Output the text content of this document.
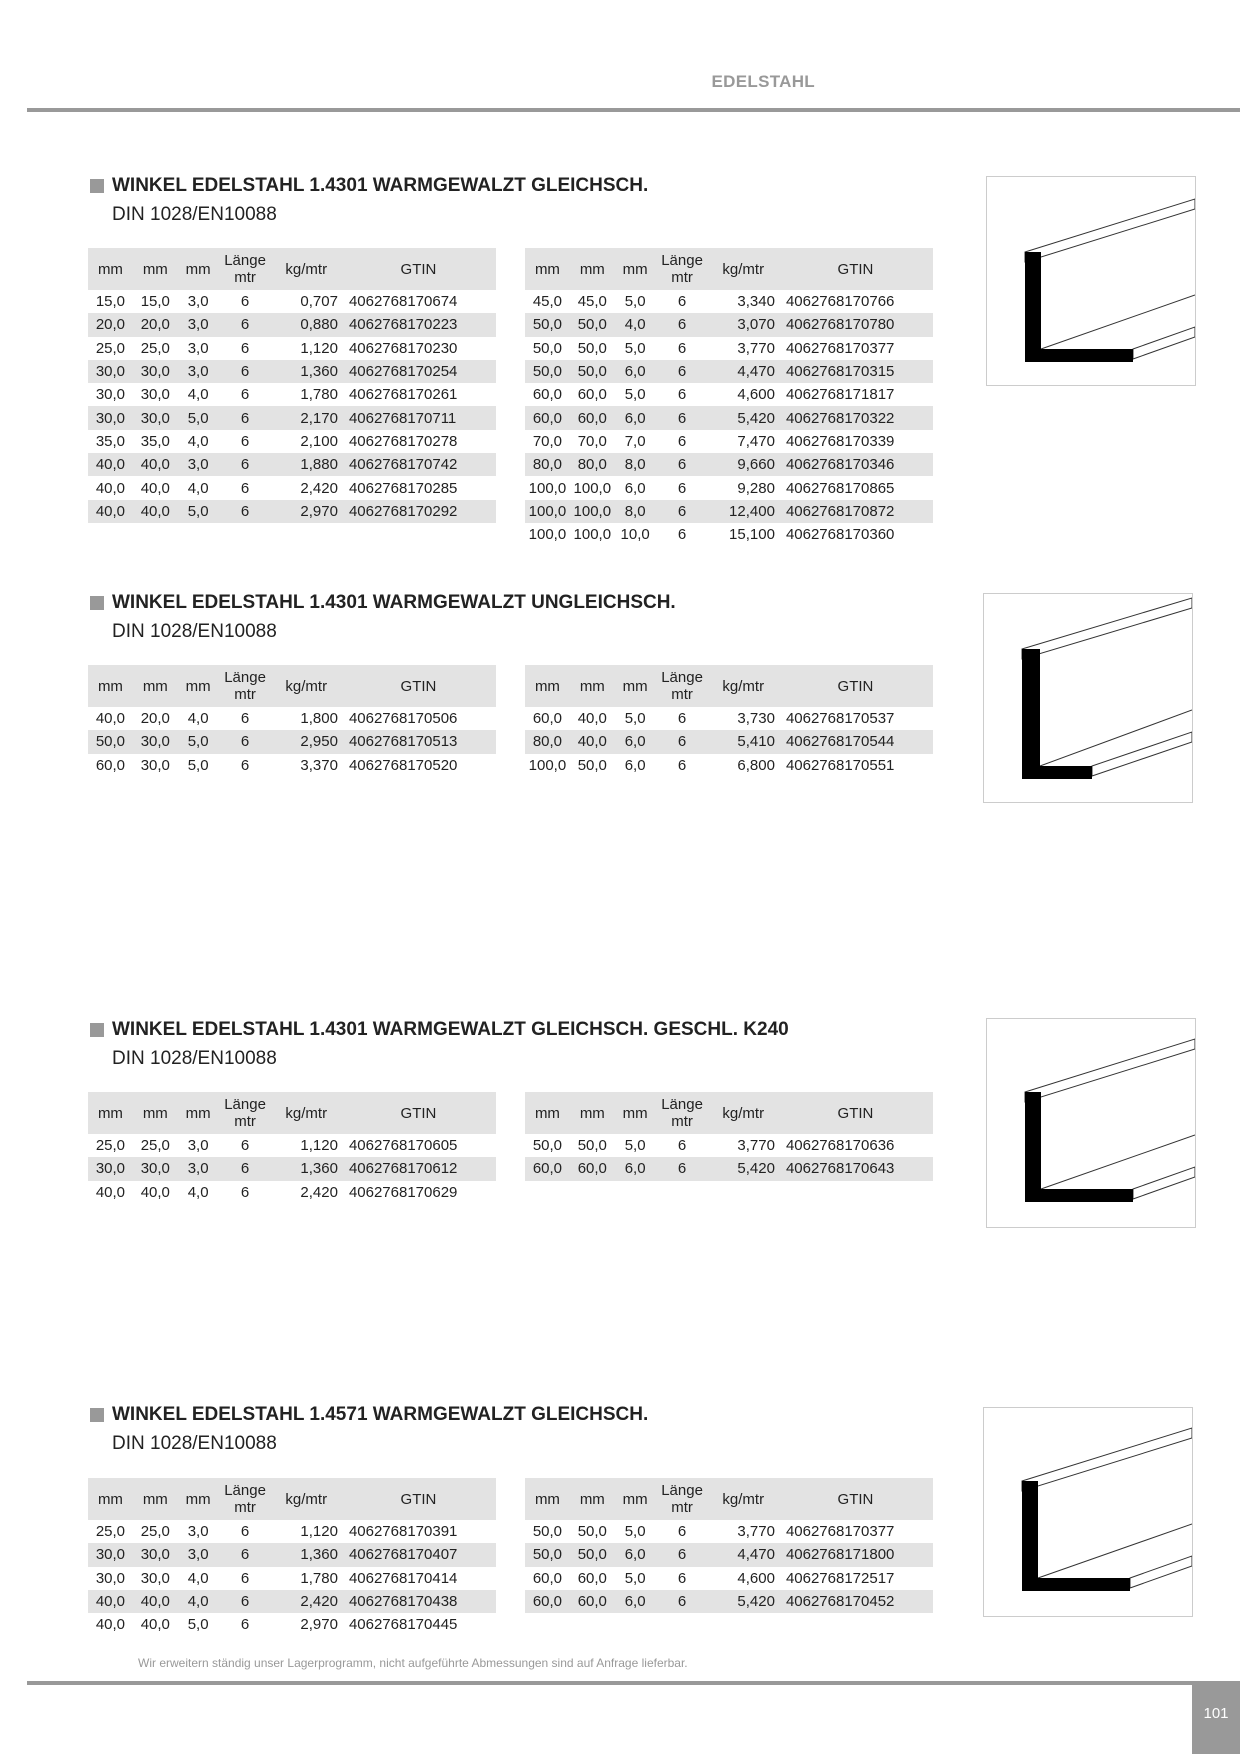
EDELSTAHL
WINKEL EDELSTAHL 1.4301 WARMGEWALZT GLEICHSCH.
DIN 1028/EN10088
mm	mm	mm	Länge mtr	kg/mtr	GTIN
15,0	15,0	3,0	6	0,707	4062768170674
20,0	20,0	3,0	6	0,880	4062768170223
25,0	25,0	3,0	6	1,120	4062768170230
30,0	30,0	3,0	6	1,360	4062768170254
30,0	30,0	4,0	6	1,780	4062768170261
30,0	30,0	5,0	6	2,170	4062768170711
35,0	35,0	4,0	6	2,100	4062768170278
40,0	40,0	3,0	6	1,880	4062768170742
40,0	40,0	4,0	6	2,420	4062768170285
40,0	40,0	5,0	6	2,970	4062768170292
mm	mm	mm	Länge mtr	kg/mtr	GTIN
45,0	45,0	5,0	6	3,340	4062768170766
50,0	50,0	4,0	6	3,070	4062768170780
50,0	50,0	5,0	6	3,770	4062768170377
50,0	50,0	6,0	6	4,470	4062768170315
60,0	60,0	5,0	6	4,600	4062768171817
60,0	60,0	6,0	6	5,420	4062768170322
70,0	70,0	7,0	6	7,470	4062768170339
80,0	80,0	8,0	6	9,660	4062768170346
100,0	100,0	6,0	6	9,280	4062768170865
100,0	100,0	8,0	6	12,400	4062768170872
100,0	100,0	10,0	6	15,100	4062768170360
WINKEL EDELSTAHL 1.4301 WARMGEWALZT UNGLEICHSCH.
DIN 1028/EN10088
mm	mm	mm	Länge mtr	kg/mtr	GTIN
40,0	20,0	4,0	6	1,800	4062768170506
50,0	30,0	5,0	6	2,950	4062768170513
60,0	30,0	5,0	6	3,370	4062768170520
mm	mm	mm	Länge mtr	kg/mtr	GTIN
60,0	40,0	5,0	6	3,730	4062768170537
80,0	40,0	6,0	6	5,410	4062768170544
100,0	50,0	6,0	6	6,800	4062768170551
WINKEL EDELSTAHL 1.4301 WARMGEWALZT GLEICHSCH. GESCHL. K240
DIN 1028/EN10088
mm	mm	mm	Länge mtr	kg/mtr	GTIN
25,0	25,0	3,0	6	1,120	4062768170605
30,0	30,0	3,0	6	1,360	4062768170612
40,0	40,0	4,0	6	2,420	4062768170629
mm	mm	mm	Länge mtr	kg/mtr	GTIN
50,0	50,0	5,0	6	3,770	4062768170636
60,0	60,0	6,0	6	5,420	4062768170643
WINKEL EDELSTAHL 1.4571 WARMGEWALZT GLEICHSCH.
DIN 1028/EN10088
mm	mm	mm	Länge mtr	kg/mtr	GTIN
25,0	25,0	3,0	6	1,120	4062768170391
30,0	30,0	3,0	6	1,360	4062768170407
30,0	30,0	4,0	6	1,780	4062768170414
40,0	40,0	4,0	6	2,420	4062768170438
40,0	40,0	5,0	6	2,970	4062768170445
mm	mm	mm	Länge mtr	kg/mtr	GTIN
50,0	50,0	5,0	6	3,770	4062768170377
50,0	50,0	6,0	6	4,470	4062768171800
60,0	60,0	5,0	6	4,600	4062768172517
60,0	60,0	6,0	6	5,420	4062768170452
Wir erweitern ständig unser Lagerprogramm, nicht aufgeführte Abmessungen sind auf Anfrage lieferbar.
101
